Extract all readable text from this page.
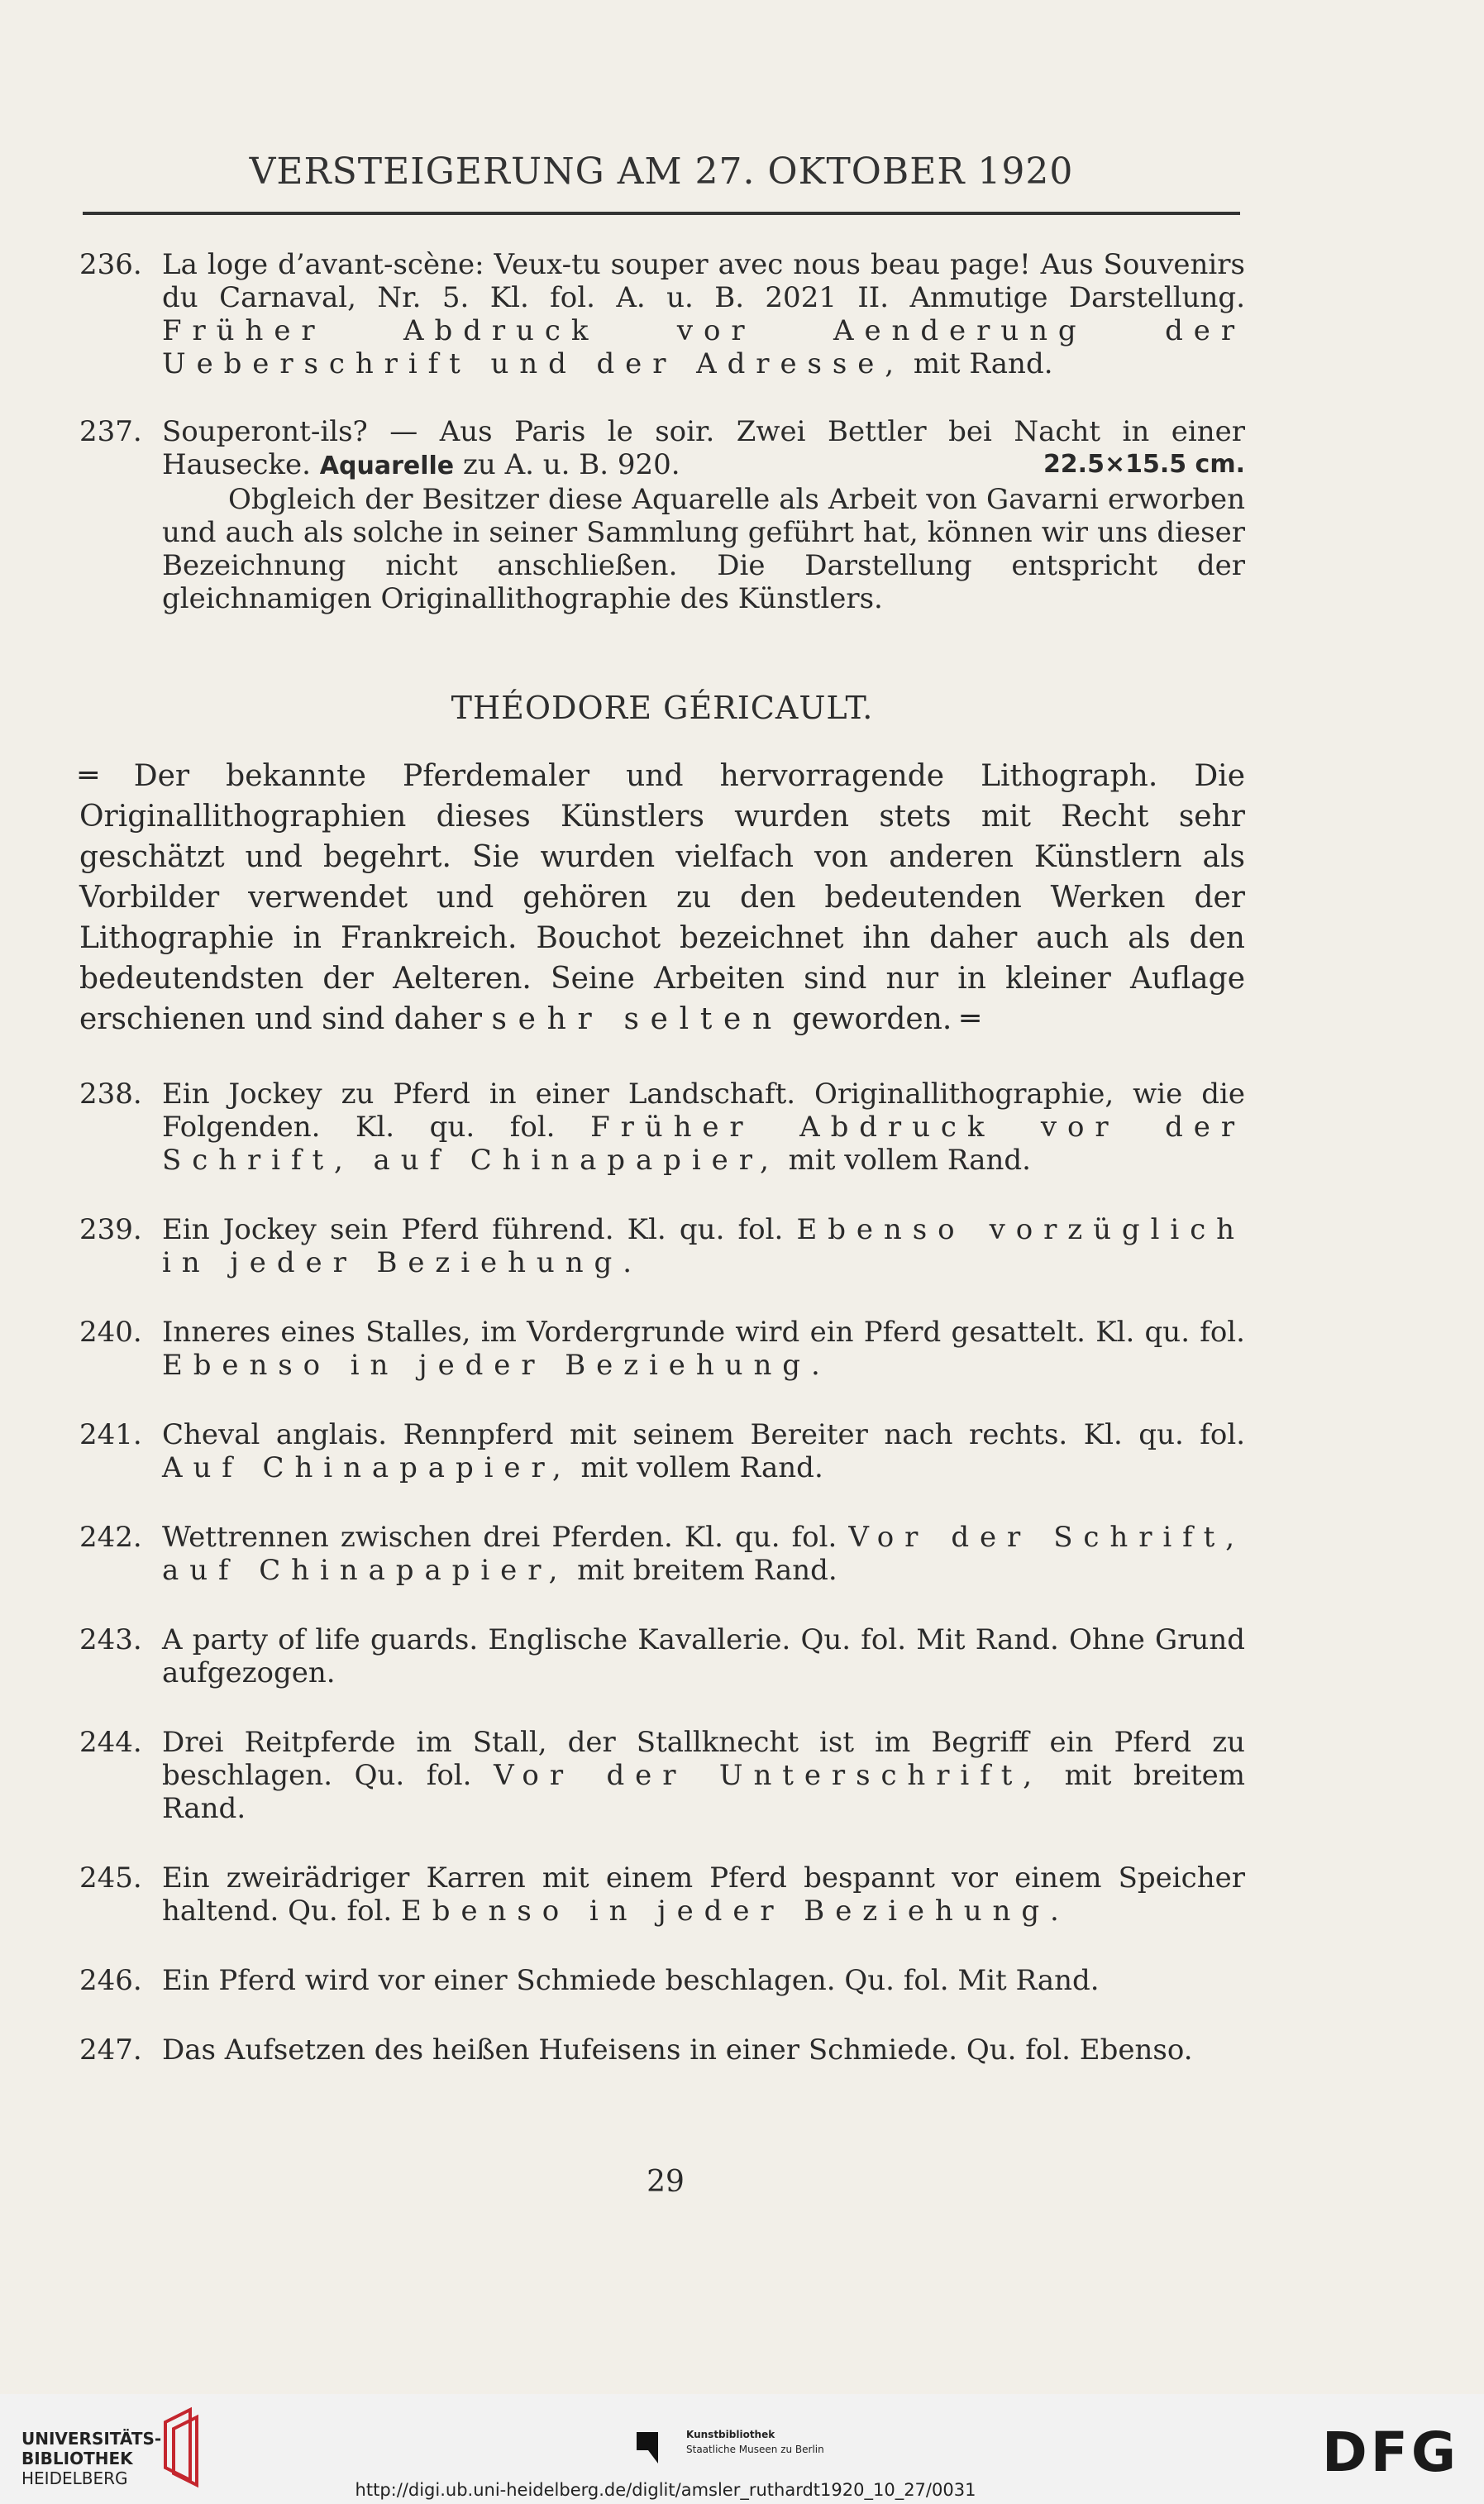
VERSTEIGERUNG AM 27. OKTOBER 1920
236. La loge d’avant-scène: Veux-tu souper avec nous beau page! Aus Souvenirs du Carnaval, Nr. 5. Kl. fol. A. u. B. 2021 II. Anmutige Darstellung. Früher Abdruck vor Aenderung der Ueberschrift und der Adresse, mit Rand.
237. Souperont-ils? — Aus Paris le soir. Zwei Bettler bei Nacht in einer Hausecke. Aquarelle zu A. u. B. 920.	22.5×15.5 cm.
Obgleich der Besitzer diese Aquarelle als Arbeit von Gavarni erworben und auch als solche in seiner Sammlung geführt hat, können wir uns dieser Bezeichnung nicht anschließen. Die Darstellung entspricht der gleichnamigen Originallithographie des Künstlers.
THÉODORE GÉRICAULT.
═ Der bekannte Pferdemaler und hervorragende Lithograph. Die Originallithographien dieses Künstlers wurden stets mit Recht sehr geschätzt und begehrt. Sie wurden vielfach von anderen Künstlern als Vorbilder verwendet und gehören zu den bedeutenden Werken der Lithographie in Frankreich. Bouchot bezeichnet ihn daher auch als den bedeutendsten der Aelteren. Seine Arbeiten sind nur in kleiner Auflage erschienen und sind daher sehr selten geworden. ═
238. Ein Jockey zu Pferd in einer Landschaft. Originallithographie, wie die Folgenden. Kl. qu. fol. Früher Abdruck vor der Schrift, auf Chinapapier, mit vollem Rand.
239. Ein Jockey sein Pferd führend. Kl. qu. fol. Ebenso vorzüglich in jeder Beziehung.
240. Inneres eines Stalles, im Vordergrunde wird ein Pferd gesattelt. Kl. qu. fol. Ebenso in jeder Beziehung.
241. Cheval anglais. Rennpferd mit seinem Bereiter nach rechts. Kl. qu. fol. Auf Chinapapier, mit vollem Rand.
242. Wettrennen zwischen drei Pferden. Kl. qu. fol. Vor der Schrift, auf Chinapapier, mit breitem Rand.
243. A party of life guards. Englische Kavallerie. Qu. fol. Mit Rand. Ohne Grund aufgezogen.
244. Drei Reitpferde im Stall, der Stallknecht ist im Begriff ein Pferd zu beschlagen. Qu. fol. Vor der Unterschrift, mit breitem Rand.
245. Ein zweirädriger Karren mit einem Pferd bespannt vor einem Speicher haltend. Qu. fol. Ebenso in jeder Beziehung.
246. Ein Pferd wird vor einer Schmiede beschlagen. Qu. fol. Mit Rand.
247. Das Aufsetzen des heißen Hufeisens in einer Schmiede. Qu. fol. Ebenso.
29
UNIVERSITÄTS-
BIBLIOTHEK
HEIDELBERG
Kunstbibliothek
Staatliche Museen zu Berlin	DFG
http://digi.ub.uni-heidelberg.de/diglit/amsler_ruthardt1920_10_27/0031
